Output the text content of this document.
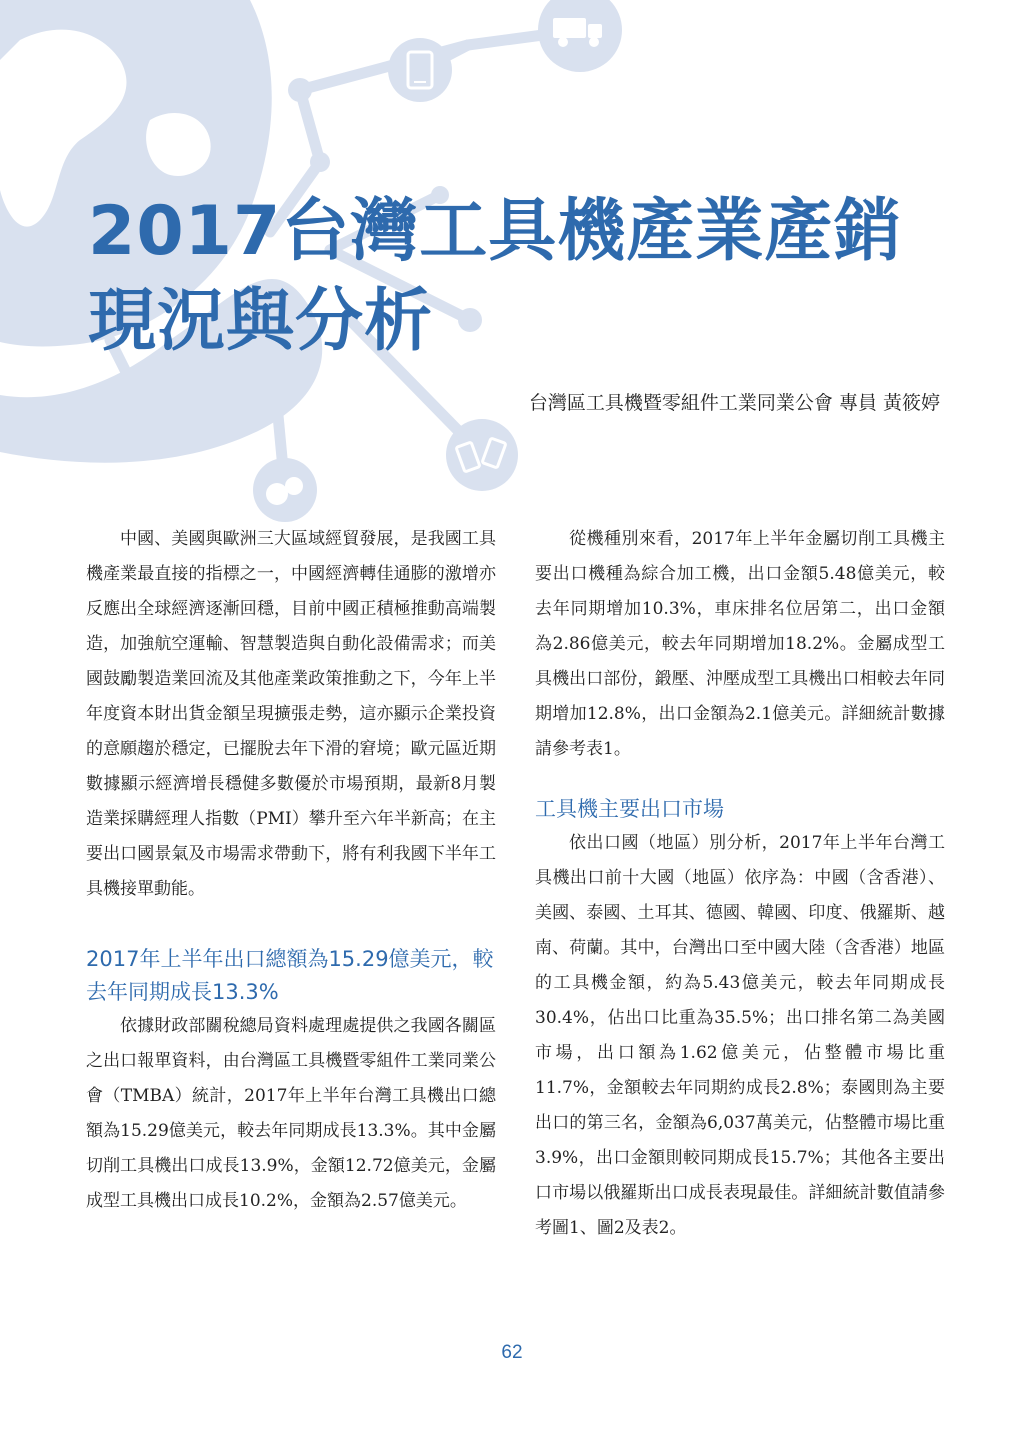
2017台灣工具機產業產銷
現況與分析
台灣區工具機暨零組件工業同業公會 專員 黃筱婷

中國、美國與歐洲三大區域經貿發展，是我國工具機產業最直接的指標之一，中國經濟轉佳通膨的激增亦反應出全球經濟逐漸回穩，目前中國正積極推動高端製造，加強航空運輸、智慧製造與自動化設備需求；而美國鼓勵製造業回流及其他產業政策推動之下，今年上半年度資本財出貨金額呈現擴張走勢，這亦顯示企業投資的意願趨於穩定，已擺脫去年下滑的窘境；歐元區近期數據顯示經濟增長穩健多數優於市場預期，最新8月製造業採購經理人指數（PMI）攀升至六年半新高；在主要出口國景氣及市場需求帶動下，將有利我國下半年工具機接單動能。

2017年上半年出口總額為15.29億美元，較去年同期成長13.3%

依據財政部關稅總局資料處理處提供之我國各關區之出口報單資料，由台灣區工具機暨零組件工業同業公會（TMBA）統計，2017年上半年台灣工具機出口總額為15.29億美元，較去年同期成長13.3%。其中金屬切削工具機出口成長13.9%，金額12.72億美元，金屬成型工具機出口成長10.2%，金額為2.57億美元。

從機種別來看，2017年上半年金屬切削工具機主要出口機種為綜合加工機，出口金額5.48億美元，較去年同期增加10.3%，車床排名位居第二，出口金額為2.86億美元，較去年同期增加18.2%。金屬成型工具機出口部份，鍛壓、沖壓成型工具機出口相較去年同期增加12.8%，出口金額為2.1億美元。詳細統計數據請參考表1。

工具機主要出口市場

依出口國（地區）別分析，2017年上半年台灣工具機出口前十大國（地區）依序為：中國（含香港）、美國、泰國、土耳其、德國、韓國、印度、俄羅斯、越南、荷蘭。其中，台灣出口至中國大陸（含香港）地區的工具機金額，約為5.43億美元，較去年同期成長30.4%，佔出口比重為35.5%；出口排名第二為美國市場，出口額為1.62億美元，佔整體市場比重11.7%，金額較去年同期約成長2.8%；泰國則為主要出口的第三名，金額為6,037萬美元，佔整體市場比重3.9%，出口金額則較同期成長15.7%；其他各主要出口市場以俄羅斯出口成長表現最佳。詳細統計數值請參考圖1、圖2及表2。

62
